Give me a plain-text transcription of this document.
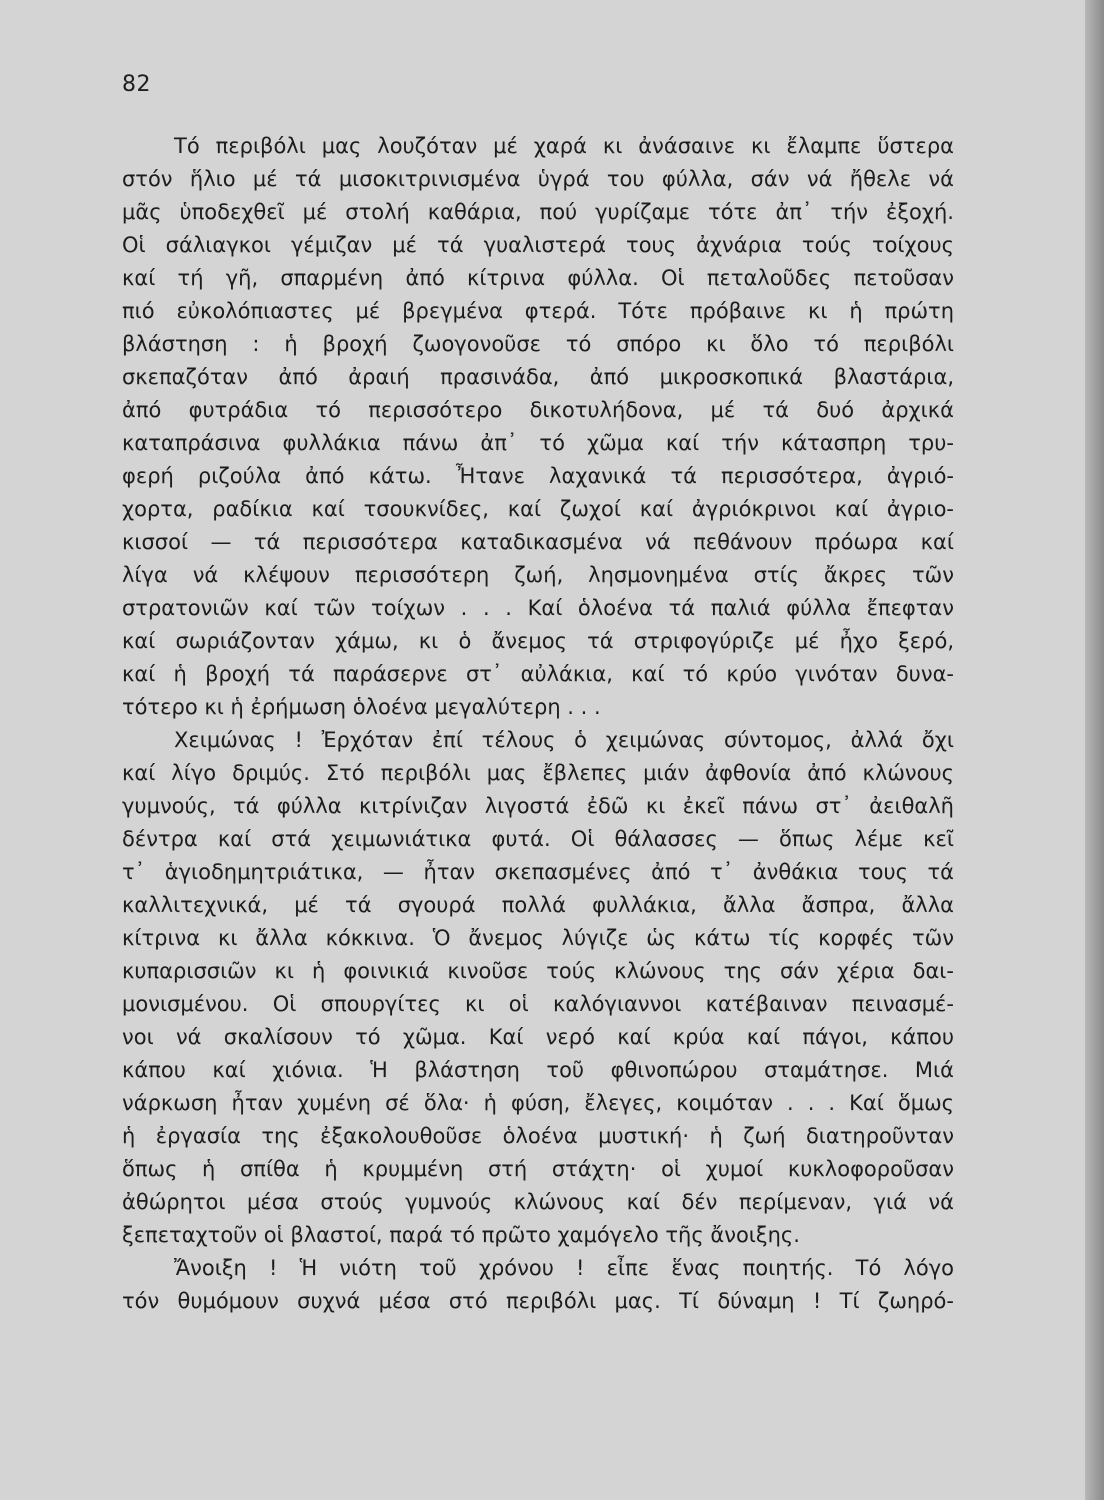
82
Τό περιβόλι μας λουζόταν μέ χαρά κι ἀνάσαινε κι ἔλαμπε ὕστερα
στόν ἥλιο μέ τά μισοκιτρινισμένα ὑγρά του φύλλα, σάν νά ἤθελε νά
μᾶς ὑποδεχθεῖ μέ στολή καθάρια, πού γυρίζαμε τότε ἀπ᾿ τήν ἐξοχή.
Οἱ σάλιαγκοι γέμιζαν μέ τά γυαλιστερά τους ἀχνάρια τούς τοίχους
καί τή γῆ, σπαρμένη ἀπό κίτρινα φύλλα. Οἱ πεταλοῦδες πετοῦσαν
πιό εὐκολόπιαστες μέ βρεγμένα φτερά. Τότε πρόβαινε κι ἡ πρώτη
βλάστηση : ἡ βροχή ζωογονοῦσε τό σπόρο κι ὅλο τό περιβόλι
σκεπαζόταν ἀπό ἀραιή πρασινάδα, ἀπό μικροσκοπικά βλαστάρια,
ἀπό φυτράδια τό περισσότερο δικοτυλήδονα, μέ τά δυό ἀρχικά
καταπράσινα φυλλάκια πάνω ἀπ᾿ τό χῶμα καί τήν κάτασπρη τρυ-
φερή ριζούλα ἀπό κάτω. Ἦτανε λαχανικά τά περισσότερα, ἀγριό-
χορτα, ραδίκια καί τσουκνίδες, καί ζωχοί καί ἀγριόκρινοι καί ἀγριο-
κισσοί — τά περισσότερα καταδικασμένα νά πεθάνουν πρόωρα καί
λίγα νά κλέψουν περισσότερη ζωή, λησμονημένα στίς ἄκρες τῶν
στρατονιῶν καί τῶν τοίχων . . . Καί ὁλοένα τά παλιά φύλλα ἔπεφταν
καί σωριάζονταν χάμω, κι ὁ ἄνεμος τά στριφογύριζε μέ ἦχο ξερό,
καί ἡ βροχή τά παράσερνε στ᾿ αὐλάκια, καί τό κρύο γινόταν δυνα-
τότερο κι ἡ ἐρήμωση ὁλοένα μεγαλύτερη . . .
Χειμώνας ! Ἐρχόταν ἐπί τέλους ὁ χειμώνας σύντομος, ἀλλά ὄχι
καί λίγο δριμύς. Στό περιβόλι μας ἔβλεπες μιάν ἀφθονία ἀπό κλώνους
γυμνούς, τά φύλλα κιτρίνιζαν λιγοστά ἐδῶ κι ἐκεῖ πάνω στ᾿ ἀειθαλῆ
δέντρα καί στά χειμωνιάτικα φυτά. Οἱ θάλασσες — ὅπως λέμε κεῖ
τ᾿ ἁγιοδημητριάτικα, — ἦταν σκεπασμένες ἀπό τ᾿ ἀνθάκια τους τά
καλλιτεχνικά, μέ τά σγουρά πολλά φυλλάκια, ἄλλα ἄσπρα, ἄλλα
κίτρινα κι ἄλλα κόκκινα. Ὁ ἄνεμος λύγιζε ὡς κάτω τίς κορφές τῶν
κυπαρισσιῶν κι ἡ φοινικιά κινοῦσε τούς κλώνους της σάν χέρια δαι-
μονισμένου. Οἱ σπουργίτες κι οἱ καλόγιαννοι κατέβαιναν πεινασμέ-
νοι νά σκαλίσουν τό χῶμα. Καί νερό καί κρύα καί πάγοι, κάπου
κάπου καί χιόνια. Ἡ βλάστηση τοῦ φθινοπώρου σταμάτησε. Μιά
νάρκωση ἦταν χυμένη σέ ὅλα· ἡ φύση, ἔλεγες, κοιμόταν . . . Καί ὅμως
ἡ ἐργασία της ἐξακολουθοῦσε ὁλοένα μυστική· ἡ ζωή διατηροῦνταν
ὅπως ἡ σπίθα ἡ κρυμμένη στή στάχτη· οἱ χυμοί κυκλοφοροῦσαν
ἀθώρητοι μέσα στούς γυμνούς κλώνους καί δέν περίμεναν, γιά νά
ξεπεταχτοῦν οἱ βλαστοί, παρά τό πρῶτο χαμόγελο τῆς ἄνοιξης.
Ἄνοιξη ! Ἡ νιότη τοῦ χρόνου ! εἶπε ἕνας ποιητής. Τό λόγο
τόν θυμόμουν συχνά μέσα στό περιβόλι μας. Τί δύναμη ! Τί ζωηρό-
